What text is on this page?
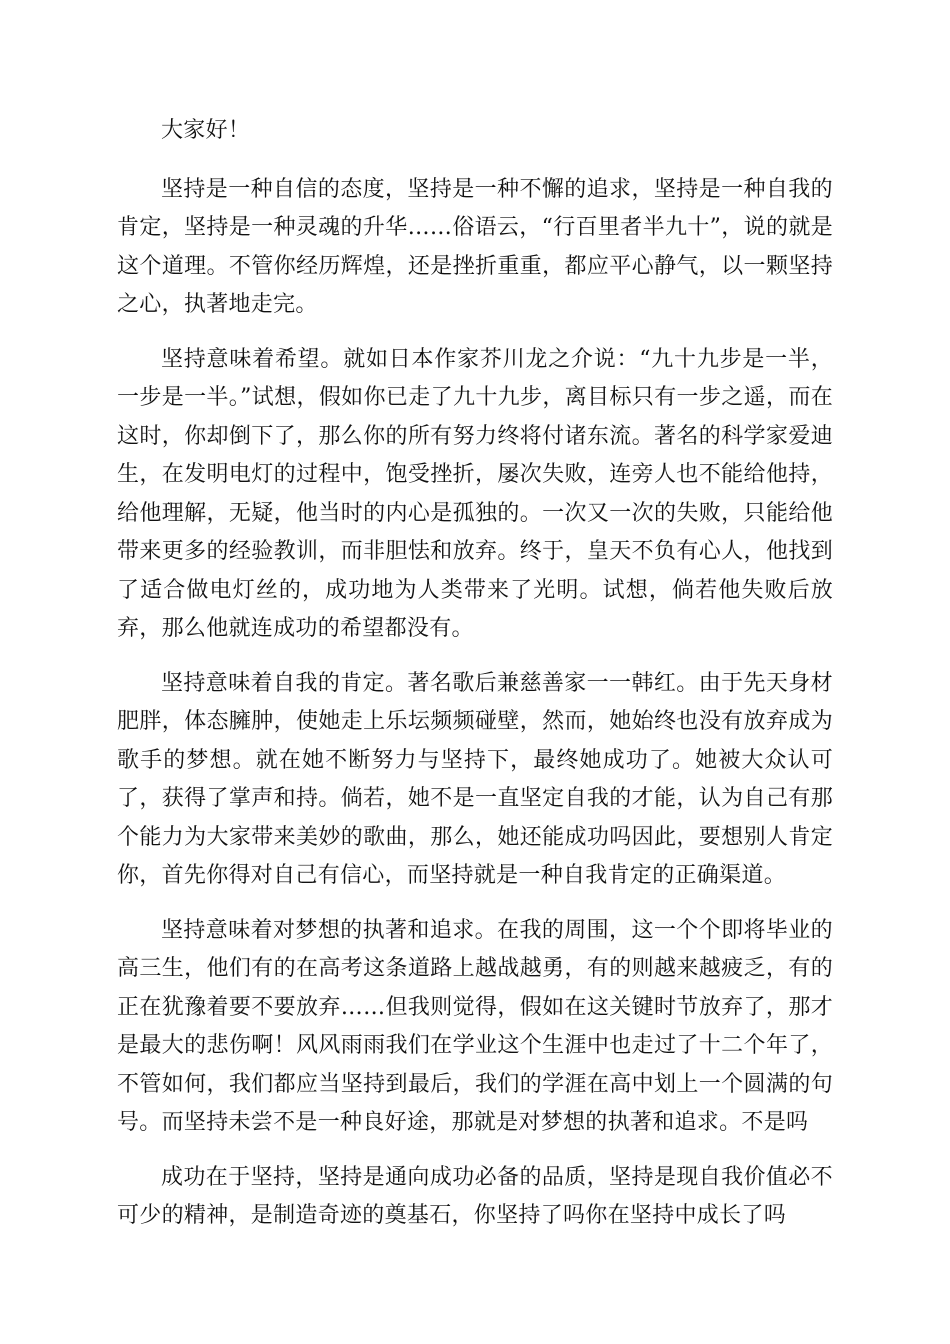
大家好！

坚持是一种自信的态度，坚持是一种不懈的追求，坚持是一种自我的肯定，坚持是一种灵魂的升华……俗语云，“行百里者半九十”，说的就是这个道理。不管你经历辉煌，还是挫折重重，都应平心静气，以一颗坚持之心，执著地走完。

坚持意味着希望。就如日本作家芥川龙之介说：“九十九步是一半，一步是一半。”试想，假如你已走了九十九步，离目标只有一步之遥，而在这时，你却倒下了，那么你的所有努力终将付诸东流。著名的科学家爱迪生，在发明电灯的过程中，饱受挫折，屡次失败，连旁人也不能给他持，给他理解，无疑，他当时的内心是孤独的。一次又一次的失败，只能给他带来更多的经验教训，而非胆怯和放弃。终于，皇天不负有心人，他找到了适合做电灯丝的，成功地为人类带来了光明。试想，倘若他失败后放弃，那么他就连成功的希望都没有。

坚持意味着自我的肯定。著名歌后兼慈善家一一韩红。由于先天身材肥胖，体态臃肿，使她走上乐坛频频碰壁，然而，她始终也没有放弃成为歌手的梦想。就在她不断努力与坚持下，最终她成功了。她被大众认可了，获得了掌声和持。倘若，她不是一直坚定自我的才能，认为自己有那个能力为大家带来美妙的歌曲，那么，她还能成功吗因此，要想别人肯定你，首先你得对自己有信心，而坚持就是一种自我肯定的正确渠道。

坚持意味着对梦想的执著和追求。在我的周围，这一个个即将毕业的高三生，他们有的在高考这条道路上越战越勇，有的则越来越疲乏，有的正在犹豫着要不要放弃……但我则觉得，假如在这关键时节放弃了，那才是最大的悲伤啊！风风雨雨我们在学业这个生涯中也走过了十二个年了，不管如何，我们都应当坚持到最后，我们的学涯在高中划上一个圆满的句号。而坚持未尝不是一种良好途，那就是对梦想的执著和追求。不是吗

成功在于坚持，坚持是通向成功必备的品质，坚持是现自我价值必不可少的精神，是制造奇迹的奠基石，你坚持了吗你在坚持中成长了吗
